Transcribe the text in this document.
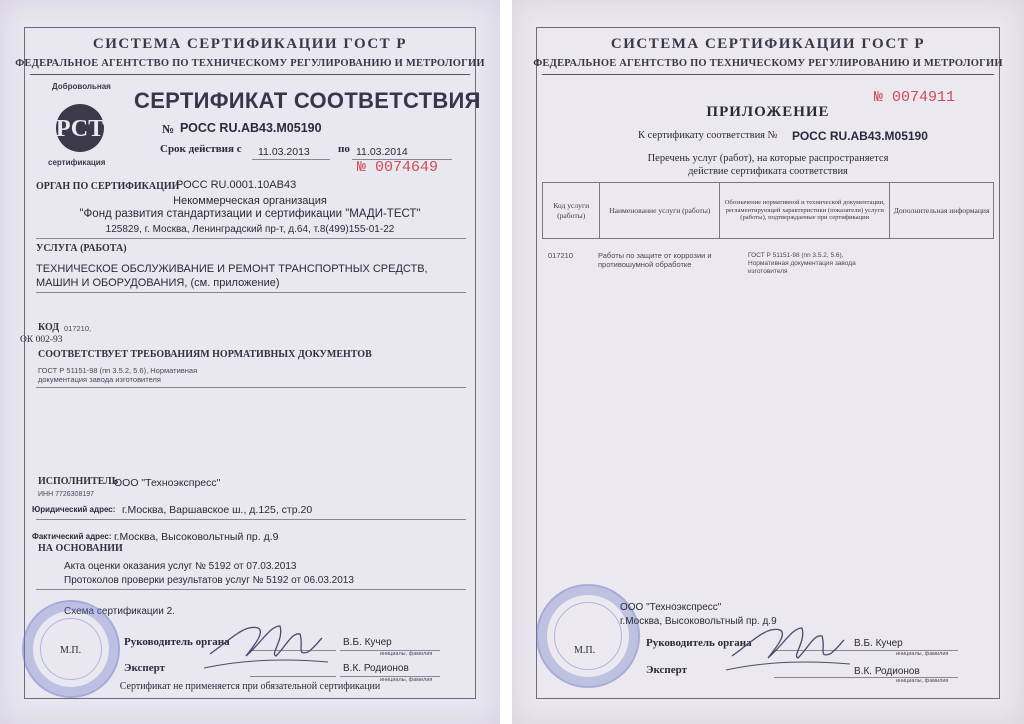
СИСТЕМА СЕРТИФИКАЦИИ ГОСТ Р
ФЕДЕРАЛЬНОЕ АГЕНТСТВО ПО ТЕХНИЧЕСКОМУ РЕГУЛИРОВАНИЮ И МЕТРОЛОГИИ
РСТ
Добровольная
сертификация
СЕРТИФИКАТ СООТВЕТСТВИЯ
№ РОСС RU.AB43.M05190
Срок действия с 11.03.2013	по 11.03.2014
№ 0074649
ОРГАН ПО СЕРТИФИКАЦИИ
РОСС RU.0001.10AB43
Некоммерческая организация
"Фонд развития стандартизации и сертификации "МАДИ-ТЕСТ"
125829, г. Москва, Ленинградский пр-т, д.64, т.8(499)155-01-22
УСЛУГА (РАБОТА)
ТЕХНИЧЕСКОЕ ОБСЛУЖИВАНИЕ И РЕМОНТ ТРАНСПОРТНЫХ СРЕДСТВ,
МАШИН И ОБОРУДОВАНИЯ, (см. приложение)
КОД 017210,
ОК 002-93
СООТВЕТСТВУЕТ ТРЕБОВАНИЯМ НОРМАТИВНЫХ ДОКУМЕНТОВ
ГОСТ Р 51151-98 (пп 3.5.2, 5.6), Нормативная
документация завода изготовителя
ИСПОЛНИТЕЛЬ
ООО "Техноэкспресс"
ИНН 7726308197
Юридический адрес: г.Москва, Варшавское ш., д.125, стр.20
Фактический адрес: г.Москва, Высоковольтный пр. д.9
НА ОСНОВАНИИ
Акта оценки оказания услуг № 5192 от 07.03.2013
Протоколов проверки результатов услуг № 5192 от 06.03.2013
Схема сертификации 2.
М.П.
Руководитель органа	В.Б. Кучер
инициалы, фамилия
Эксперт	В.К. Родионов
инициалы, фамилия
Сертификат не применяется при обязательной сертификации
СИСТЕМА СЕРТИФИКАЦИИ ГОСТ Р
ФЕДЕРАЛЬНОЕ АГЕНТСТВО ПО ТЕХНИЧЕСКОМУ РЕГУЛИРОВАНИЮ И МЕТРОЛОГИИ
№ 0074911
ПРИЛОЖЕНИЕ
К сертификату соответствия № РОСС RU.AB43.M05190
Перечень услуг (работ), на которые распространяется
действие сертификата соответствия
Код услуги (работы)	Наименование услуги (работы)	Обозначение нормативной и технической документации, регламентирующей характеристики (показатели) услуги (работы), подтверждаемые при сертификации	Дополнительная информация
017210	Работы по защите от коррозии и
противошумной обработке
ГОСТ Р 51151-98 (пп 3.5.2, 5.6),
Нормативная документация завода
изготовителя
М.П.
ООО "Техноэкспресс"
г.Москва, Высоковольтный пр. д.9
Руководитель органа	В.Б. Кучер
инициалы, фамилия
Эксперт	В.К. Родионов
инициалы, фамилия
